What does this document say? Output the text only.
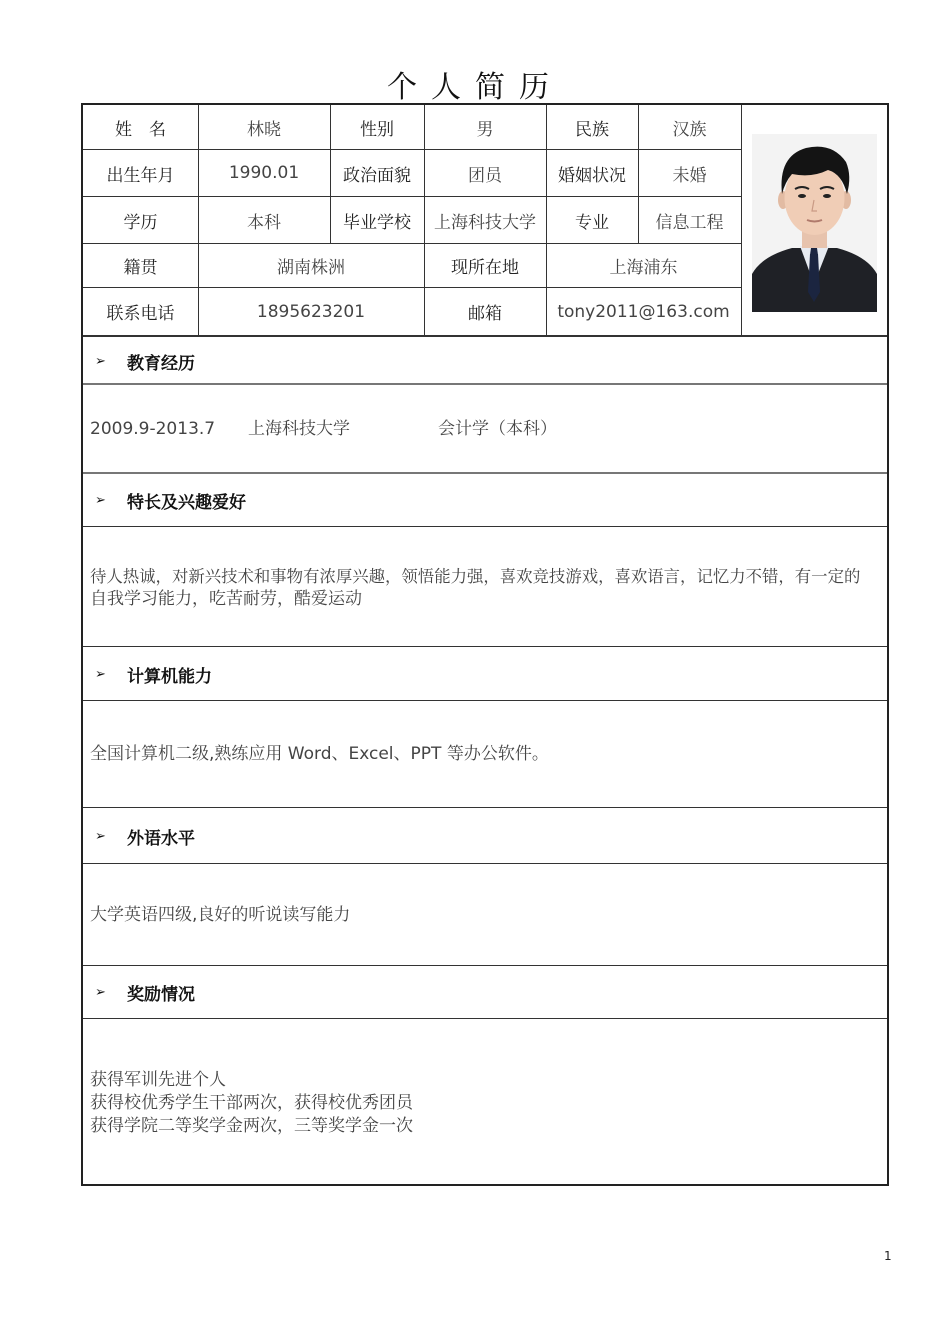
个人简历
姓　名	林晓	性别	男	民族	汉族
出生年月	1990.01	政治面貌	团员	婚姻状况	未婚
学历	本科	毕业学校	上海科技大学	专业	信息工程
籍贯	湖南株洲	现所在地	上海浦东
联系电话	1895623201	邮箱	tony2011@163.com
➢	教育经历
2009.9-2013.7 上海科技大学	会计学（本科）
➢	特长及兴趣爱好
待人热诚，对新兴技术和事物有浓厚兴趣，领悟能力强，喜欢竞技游戏，喜欢语言，记忆力不错，有一定的
自我学习能力，吃苦耐劳，酷爱运动
➢	计算机能力
全国计算机二级,熟练应用 Word、Excel、PPT 等办公软件。
➢	外语水平
大学英语四级,良好的听说读写能力
➢	奖励情况
获得军训先进个人
获得校优秀学生干部两次，获得校优秀团员
获得学院二等奖学金两次，三等奖学金一次
1
